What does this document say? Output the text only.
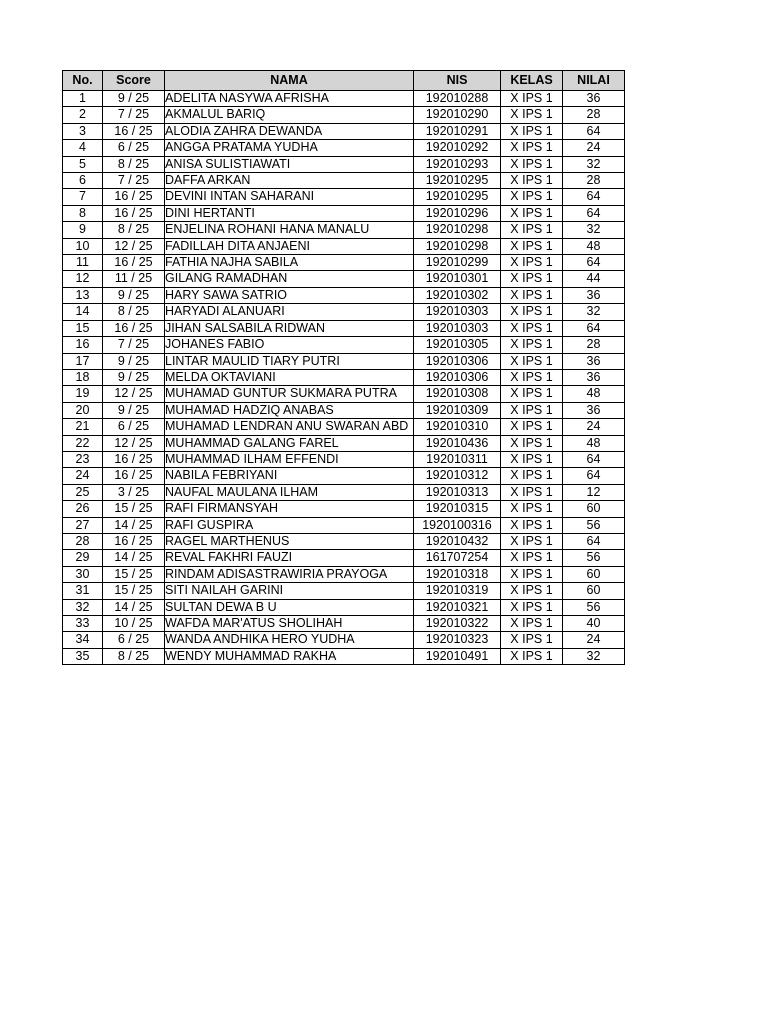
No.	Score	NAMA	NIS	KELAS	NILAI
1	9 / 25	ADELITA NASYWA AFRISHA	192010288	X IPS 1	36
2	7 / 25	AKMALUL BARIQ	192010290	X IPS 1	28
3	16 / 25	ALODIA ZAHRA DEWANDA	192010291	X IPS 1	64
4	6 / 25	ANGGA PRATAMA YUDHA	192010292	X IPS 1	24
5	8 / 25	ANISA SULISTIAWATI	192010293	X IPS 1	32
6	7 / 25	DAFFA ARKAN	192010295	X IPS 1	28
7	16 / 25	DEVINI INTAN SAHARANI	192010295	X IPS 1	64
8	16 / 25	DINI HERTANTI	192010296	X IPS 1	64
9	8 / 25	ENJELINA ROHANI HANA MANALU	192010298	X IPS 1	32
10	12 / 25	FADILLAH DITA ANJAENI	192010298	X IPS 1	48
11	16 / 25	FATHIA NAJHA SABILA	192010299	X IPS 1	64
12	11 / 25	GILANG RAMADHAN	192010301	X IPS 1	44
13	9 / 25	HARY SAWA SATRIO	192010302	X IPS 1	36
14	8 / 25	HARYADI ALANUARI	192010303	X IPS 1	32
15	16 / 25	JIHAN SALSABILA RIDWAN	192010303	X IPS 1	64
16	7 / 25	JOHANES FABIO	192010305	X IPS 1	28
17	9 / 25	LINTAR MAULID TIARY PUTRI	192010306	X IPS 1	36
18	9 / 25	MELDA OKTAVIANI	192010306	X IPS 1	36
19	12 / 25	MUHAMAD GUNTUR SUKMARA PUTRA	192010308	X IPS 1	48
20	9 / 25	MUHAMAD HADZIQ ANABAS	192010309	X IPS 1	36
21	6 / 25	MUHAMAD LENDRAN ANU SWARAN ABD	192010310	X IPS 1	24
22	12 / 25	MUHAMMAD GALANG FAREL	192010436	X IPS 1	48
23	16 / 25	MUHAMMAD ILHAM EFFENDI	192010311	X IPS 1	64
24	16 / 25	NABILA FEBRIYANI	192010312	X IPS 1	64
25	3 / 25	NAUFAL MAULANA ILHAM	192010313	X IPS 1	12
26	15 / 25	RAFI FIRMANSYAH	192010315	X IPS 1	60
27	14 / 25	RAFI GUSPIRA	1920100316	X IPS 1	56
28	16 / 25	RAGEL MARTHENUS	192010432	X IPS 1	64
29	14 / 25	REVAL FAKHRI FAUZI	161707254	X IPS 1	56
30	15 / 25	RINDAM ADISASTRAWIRIA PRAYOGA	192010318	X IPS 1	60
31	15 / 25	SITI NAILAH GARINI	192010319	X IPS 1	60
32	14 / 25	SULTAN DEWA B U	192010321	X IPS 1	56
33	10 / 25	WAFDA MAR'ATUS SHOLIHAH	192010322	X IPS 1	40
34	6 / 25	WANDA ANDHIKA HERO YUDHA	192010323	X IPS 1	24
35	8 / 25	WENDY MUHAMMAD RAKHA	192010491	X IPS 1	32
